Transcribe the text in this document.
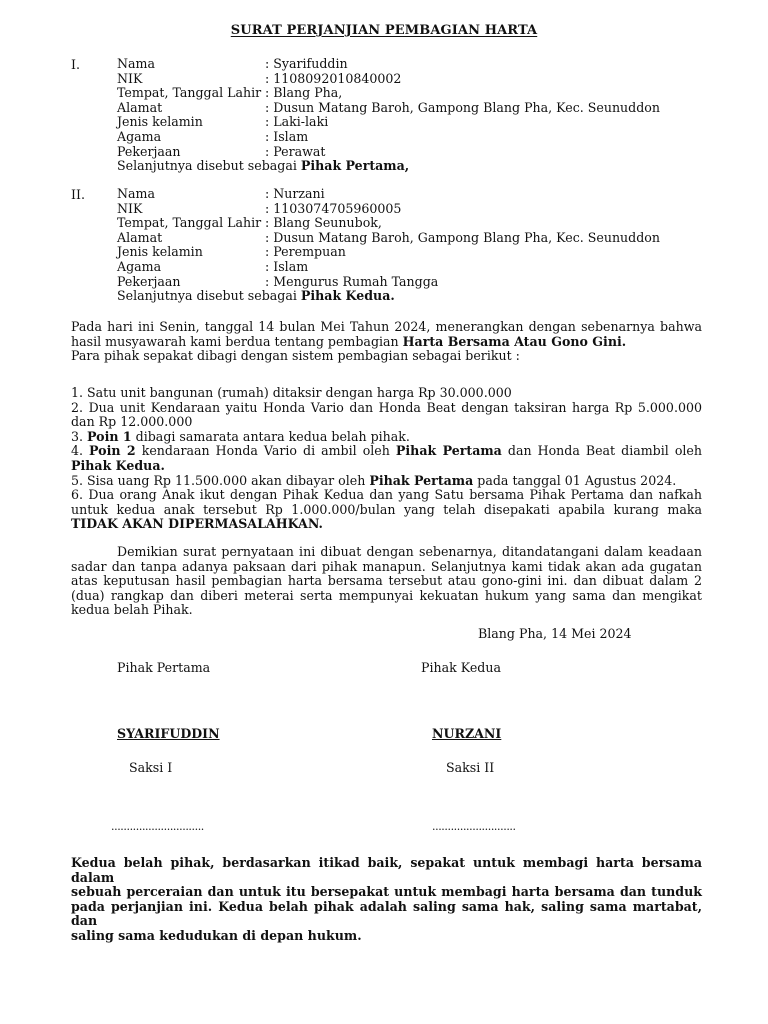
SURAT PERJANJIAN PEMBAGIAN HARTA
I.	Nama	: Syarifuddin
NIK	: 1108092010840002
Tempat, Tanggal Lahir : Blang Pha,
Alamat	: Dusun Matang Baroh, Gampong Blang Pha, Kec. Seunuddon
Jenis kelamin	: Laki-laki
Agama	: Islam
Pekerjaan	: Perawat
Selanjutnya disebut sebagai Pihak Pertama,
II.	Nama	: Nurzani
NIK	: 1103074705960005
Tempat, Tanggal Lahir : Blang Seunubok,
Alamat	: Dusun Matang Baroh, Gampong Blang Pha, Kec. Seunuddon
Jenis kelamin	: Perempuan
Agama	: Islam
Pekerjaan	: Mengurus Rumah Tangga
Selanjutnya disebut sebagai Pihak Kedua.
Pada hari ini Senin, tanggal 14 bulan Mei Tahun 2024, menerangkan dengan sebenarnya bahwa
hasil musyawarah kami berdua tentang pembagian Harta Bersama Atau Gono Gini.
Para pihak sepakat dibagi dengan sistem pembagian sebagai berikut :
1. Satu unit bangunan (rumah) ditaksir dengan harga Rp 30.000.000
2. Dua unit Kendaraan yaitu Honda Vario dan Honda Beat dengan taksiran harga Rp 5.000.000
dan Rp 12.000.000
3. Poin 1 dibagi samarata antara kedua belah pihak.
4. Poin 2 kendaraan Honda Vario di ambil oleh Pihak Pertama dan Honda Beat diambil oleh
Pihak Kedua.
5. Sisa uang Rp 11.500.000 akan dibayar oleh Pihak Pertama pada tanggal 01 Agustus 2024.
6. Dua orang Anak ikut dengan Pihak Kedua dan yang Satu bersama Pihak Pertama dan nafkah
untuk kedua anak tersebut Rp 1.000.000/bulan yang telah disepakati apabila kurang maka
TIDAK AKAN DIPERMASALAHKAN.
Demikian surat pernyataan ini dibuat dengan sebenarnya, ditandatangani dalam keadaan
sadar dan tanpa adanya paksaan dari pihak manapun. Selanjutnya kami tidak akan ada gugatan
atas keputusan hasil pembagian harta bersama tersebut atau gono-gini ini. dan dibuat dalam 2
(dua) rangkap dan diberi meterai serta mempunyai kekuatan hukum yang sama dan mengikat
kedua belah Pihak.
Blang Pha, 14 Mei 2024
Pihak Pertama	Pihak Kedua
SYARIFUDDIN	NURZANI
Saksi I	Saksi II
..............................	...........................
Kedua belah pihak, berdasarkan itikad baik, sepakat untuk membagi harta bersama dalam
sebuah perceraian dan untuk itu bersepakat untuk membagi harta bersama dan tunduk
pada perjanjian ini. Kedua belah pihak adalah saling sama hak, saling sama martabat, dan
saling sama kedudukan di depan hukum.
